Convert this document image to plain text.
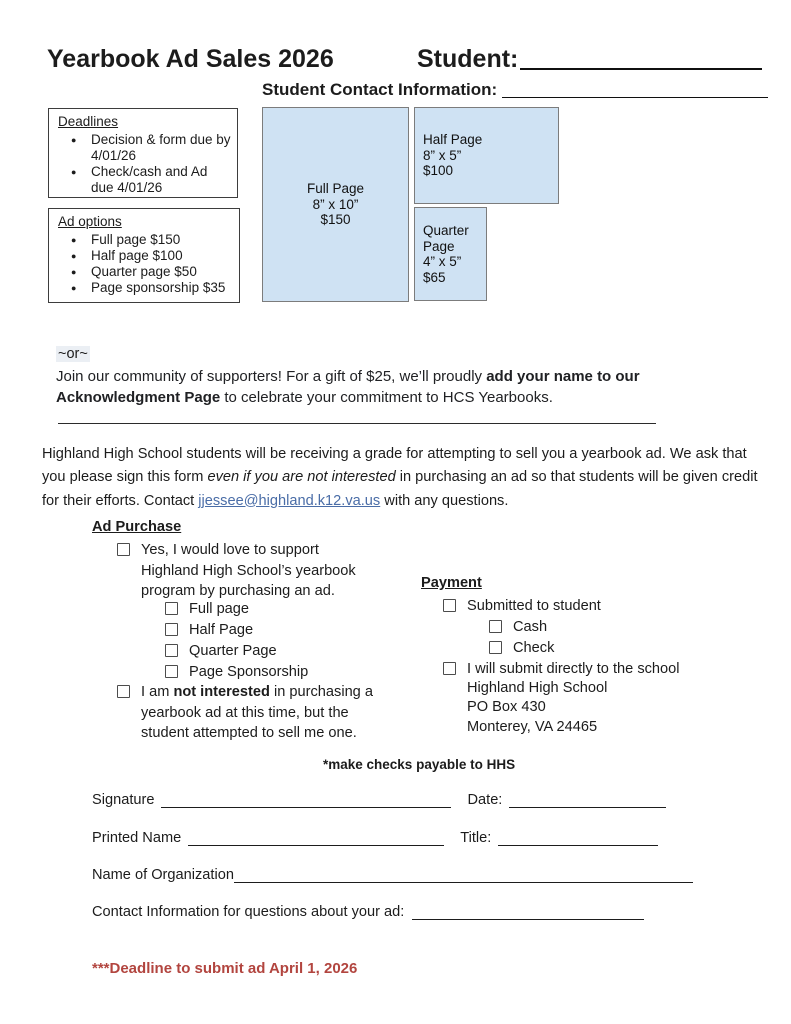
Yearbook Ad Sales 2026	Student:
Student Contact Information:
Deadlines
●	Decision & form due by 4/01/26
●	Check/cash and Ad due 4/01/26
Ad options
●	Full page $150
●	Half page $100
●	Quarter page $50
●	Page sponsorship $35
Full Page
8” x 10”
$150
Half Page
8” x 5”
$100
Quarter Page
4” x 5”
$65
~or~
Join our community of supporters! For a gift of $25, we’ll proudly add your name to our Acknowledgment Page to celebrate your commitment to HCS Yearbooks.
Highland High School students will be receiving a grade for attempting to sell you a yearbook ad. We ask that you please sign this form even if you are not interested in purchasing an ad so that students will be given credit for their efforts. Contact jjessee@highland.k12.va.us with any questions.
Ad Purchase
Yes, I would love to support Highland High School’s yearbook program by purchasing an ad.
Full page
Half Page
Quarter Page
Page Sponsorship
I am not interested in purchasing a yearbook ad at this time, but the student attempted to sell me one.
Payment
Submitted to student
Cash
Check
I will submit directly to the school
Highland High School
PO Box 430
Monterey, VA 24465
*make checks payable to HHS
Signature	Date:
Printed Name	Title:
Name of Organization
Contact Information for questions about your ad:
***Deadline to submit ad April 1, 2026
